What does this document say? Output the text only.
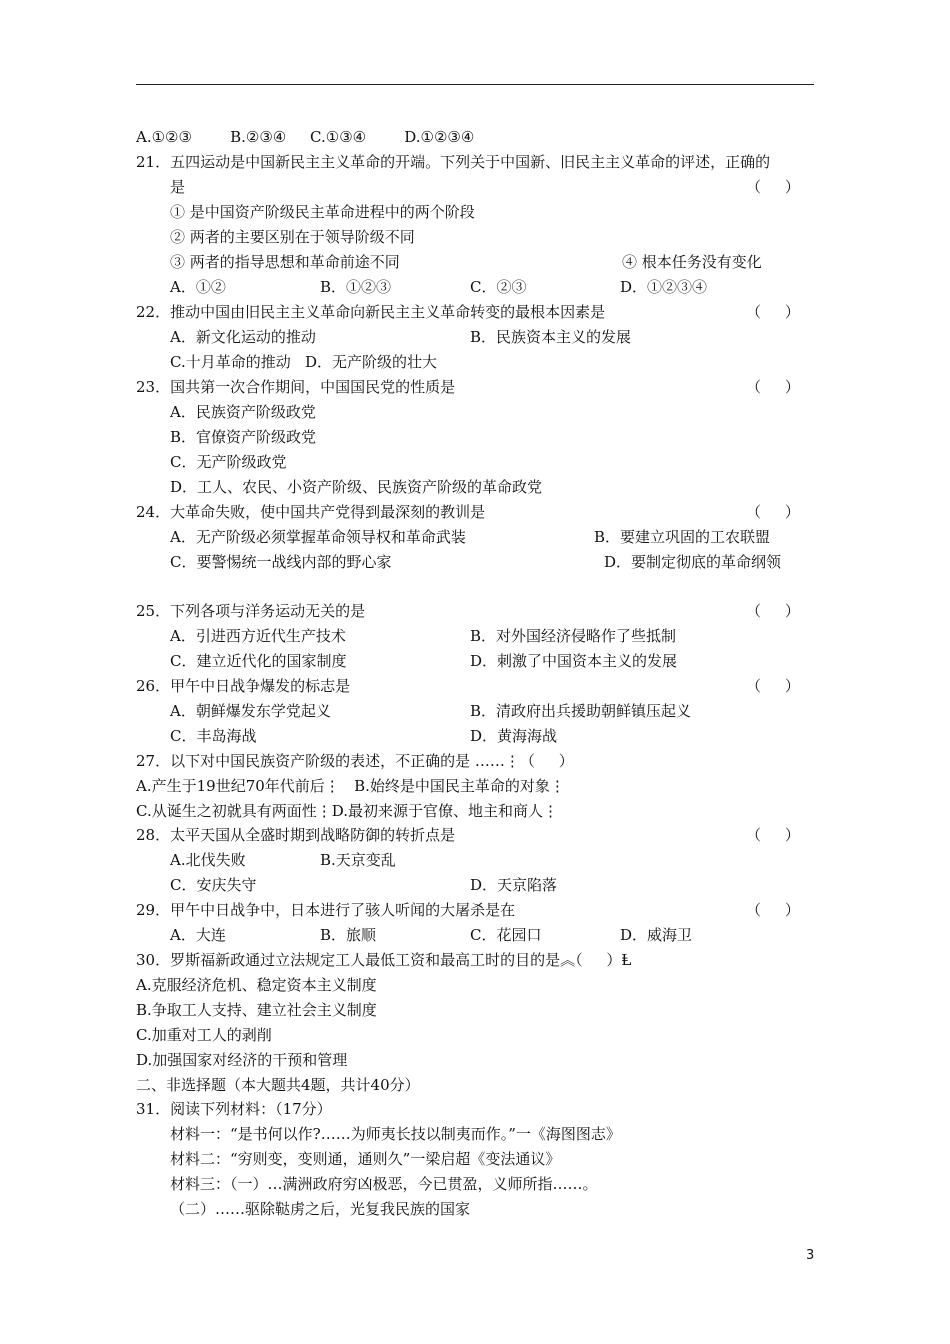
A.①②③        B.②③④     C.①③④        D.①②③④
21．五四运动是中国新民主主义革命的开端。下列关于中国新、旧民主主义革命的评述，正确的
是	（     ）
① 是中国资产阶级民主革命进程中的两个阶段
② 两者的主要区别在于领导阶级不同
③ 两者的指导思想和革命前途不同	④ 根本任务没有变化
A．①②	B．①②③	C．②③	D．①②③④
22．推动中国由旧民主主义革命向新民主主义革命转变的最根本因素是	（     ）
A．新文化运动的推动	B．民族资本主义的发展
C.十月革命的推动   D．无产阶级的壮大
23．国共第一次合作期间，中国国民党的性质是	（     ）
A．民族资产阶级政党
B．官僚资产阶级政党
C．无产阶级政党
D．工人、农民、小资产阶级、民族资产阶级的革命政党
24．大革命失败，使中国共产党得到最深刻的教训是	（     ）
A．无产阶级必须掌握革命领导权和革命武装	B．要建立巩固的工农联盟
C．要警惕统一战线内部的野心家	D．要制定彻底的革命纲领
25．下列各项与洋务运动无关的是	（     ）
A．引进西方近代生产技术	B．对外国经济侵略作了些抵制
C．建立近代化的国家制度	D．刺激了中国资本主义的发展
26．甲午中日战争爆发的标志是	（     ）
A．朝鲜爆发东学党起义	B．清政府出兵援助朝鲜镇压起义
C．丰岛海战	D．黄海海战
27．以下对中国民族资产阶级的表述，不正确的是 ……⋮（     ）
A.产生于19世纪70年代前后⋮   B.始终是中国民主革命的对象⋮
C.从诞生之初就具有两面性⋮D.最初来源于官僚、地主和商人⋮
28．太平天国从全盛时期到战略防御的转折点是	（     ）
A.北伐失败	B.天京变乱
C．安庆失守	D．天京陷落
29．甲午中日战争中，日本进行了骇人听闻的大屠杀是在	（     ）
A．大连	B．旅顺	C．花园口	D．威海卫
30．罗斯福新政通过立法规定工人最低工资和最高工时的目的是︽（     ）Ⱡ
A.克服经济危机、稳定资本主义制度
B.争取工人支持、建立社会主义制度
C.加重对工人的剥削
D.加强国家对经济的干预和管理
二、非选择题（本大题共4题，共计40分）
31．阅读下列材料：（17分）
材料一：“是书何以作?……为师夷长技以制夷而作。”一《海图图志》
材料二：“穷则变，变则通，通则久”一梁启超《变法通议》
材料三：（一）…满洲政府穷凶极恶，今已贯盈，义师所指……。
（二）……驱除鞑虏之后，光复我民族的国家
3
